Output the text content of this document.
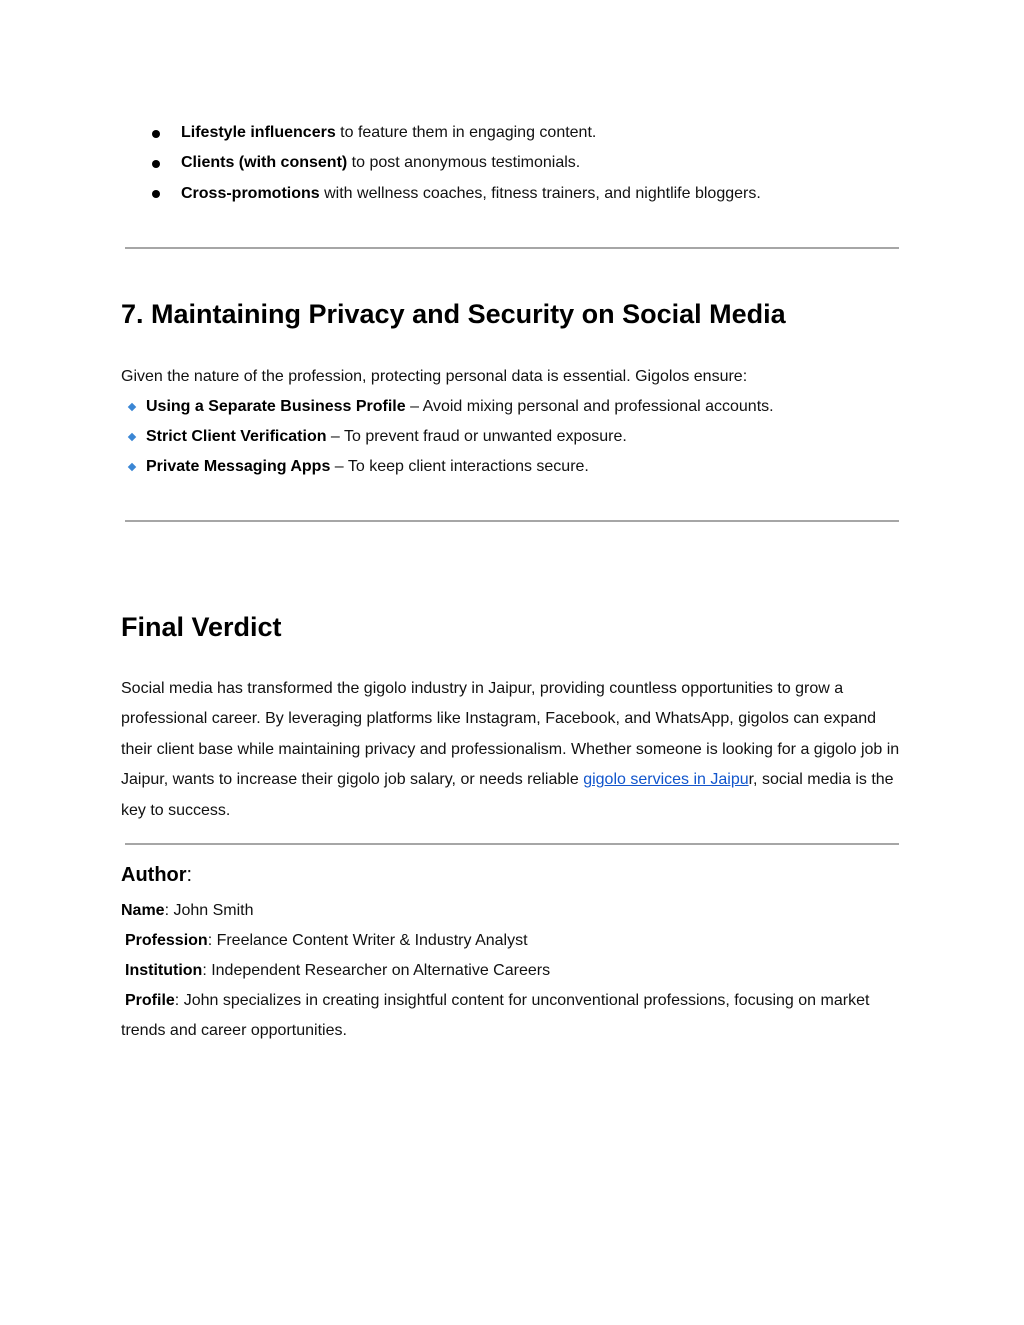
Lifestyle influencers to feature them in engaging content.
Clients (with consent) to post anonymous testimonials.
Cross-promotions with wellness coaches, fitness trainers, and nightlife bloggers.
7. Maintaining Privacy and Security on Social Media
Given the nature of the profession, protecting personal data is essential. Gigolos ensure:
Using a Separate Business Profile – Avoid mixing personal and professional accounts.
Strict Client Verification – To prevent fraud or unwanted exposure.
Private Messaging Apps – To keep client interactions secure.
Final Verdict
Social media has transformed the gigolo industry in Jaipur, providing countless opportunities to grow a professional career. By leveraging platforms like Instagram, Facebook, and WhatsApp, gigolos can expand their client base while maintaining privacy and professionalism. Whether someone is looking for a gigolo job in Jaipur, wants to increase their gigolo job salary, or needs reliable gigolo services in Jaipur, social media is the key to success.
Author:
Name: John Smith
Profession: Freelance Content Writer & Industry Analyst
Institution: Independent Researcher on Alternative Careers
Profile: John specializes in creating insightful content for unconventional professions, focusing on market trends and career opportunities.
